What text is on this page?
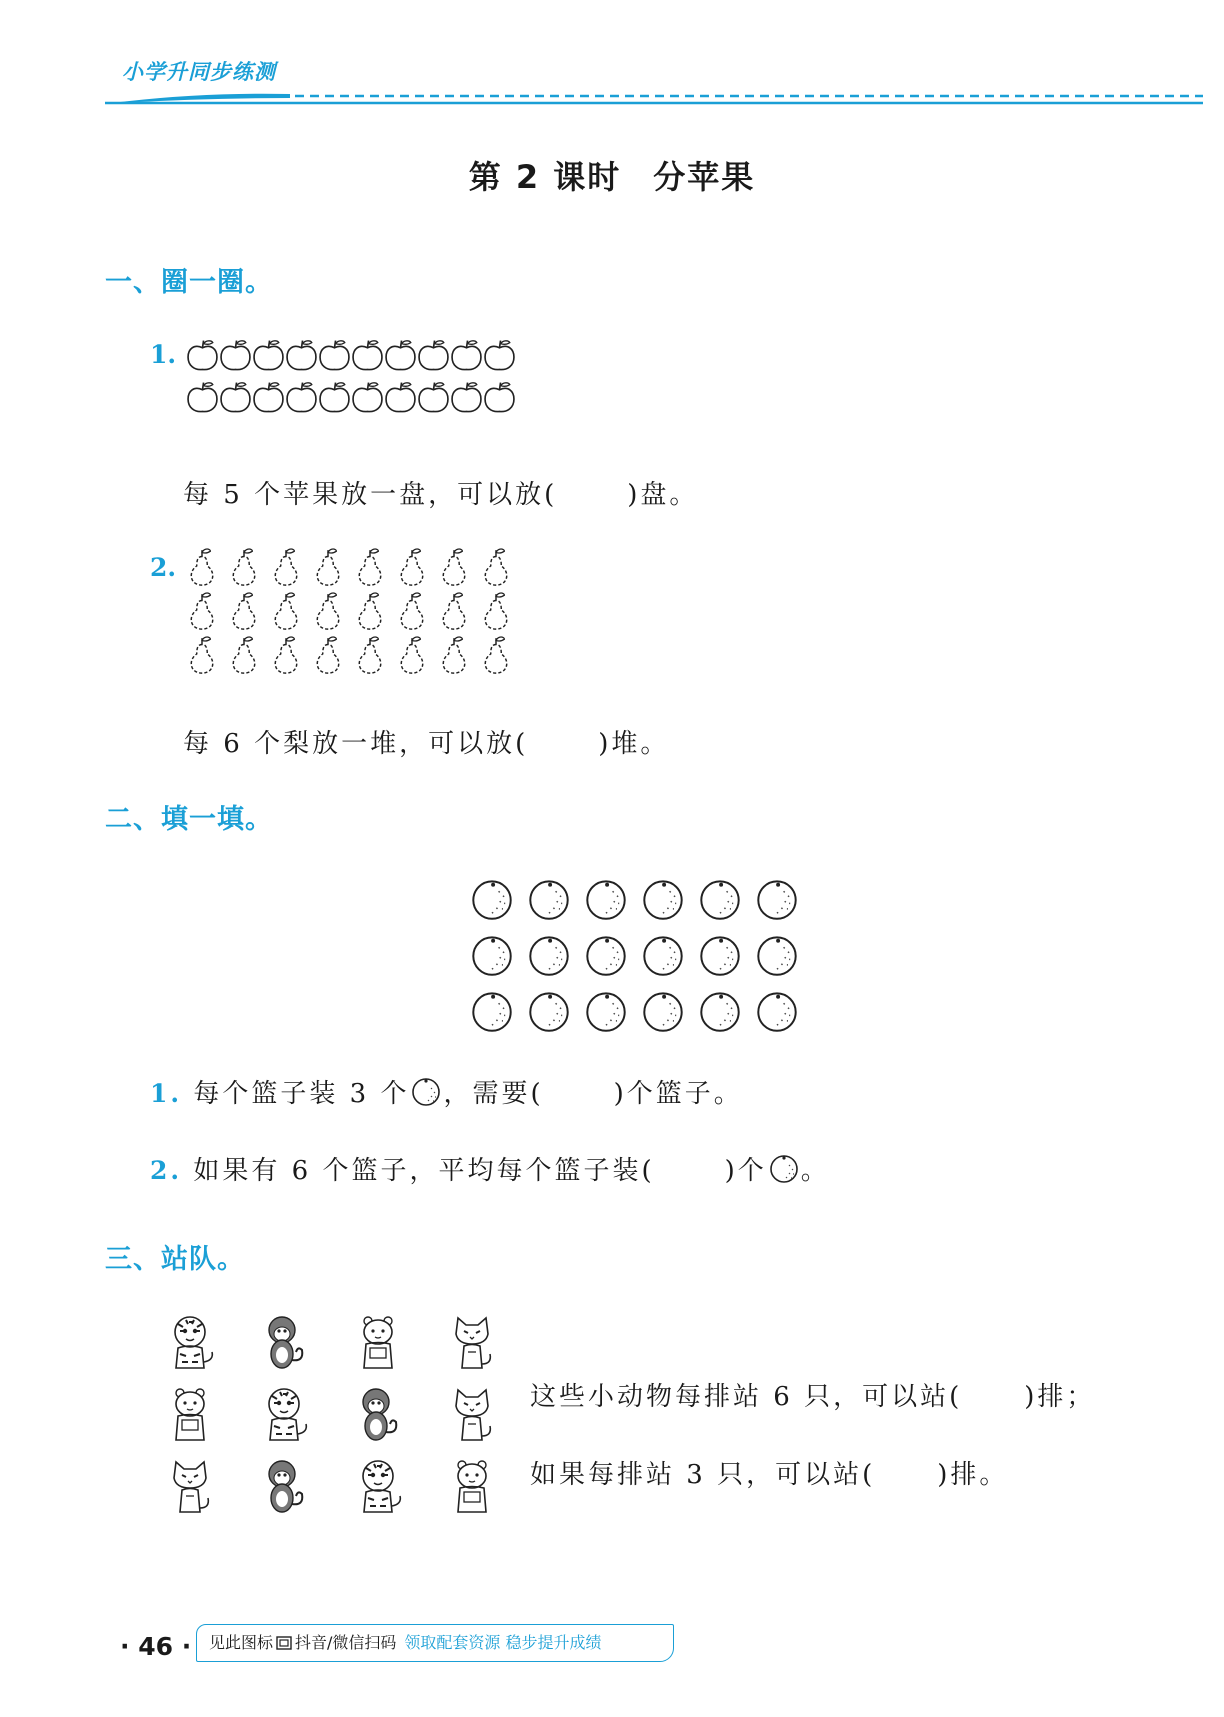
小学升同步练测
第 2 课时 分苹果
一、圈一圈。
1.
每 5 个苹果放一盘，可以放(	)盘。
2.
每 6 个梨放一堆，可以放(	)堆。
二、填一填。
1. 每个篮子装 3 个 ，需要(	)个篮子。
2. 如果有 6 个篮子，平均每个篮子装(	)个 。
三、站队。
这些小动物每排站 6 只，可以站( )排；
如果每排站 3 只，可以站( )排。
· 46 ·	见此图标 抖音/微信扫码 领取配套资源 稳步提升成绩
